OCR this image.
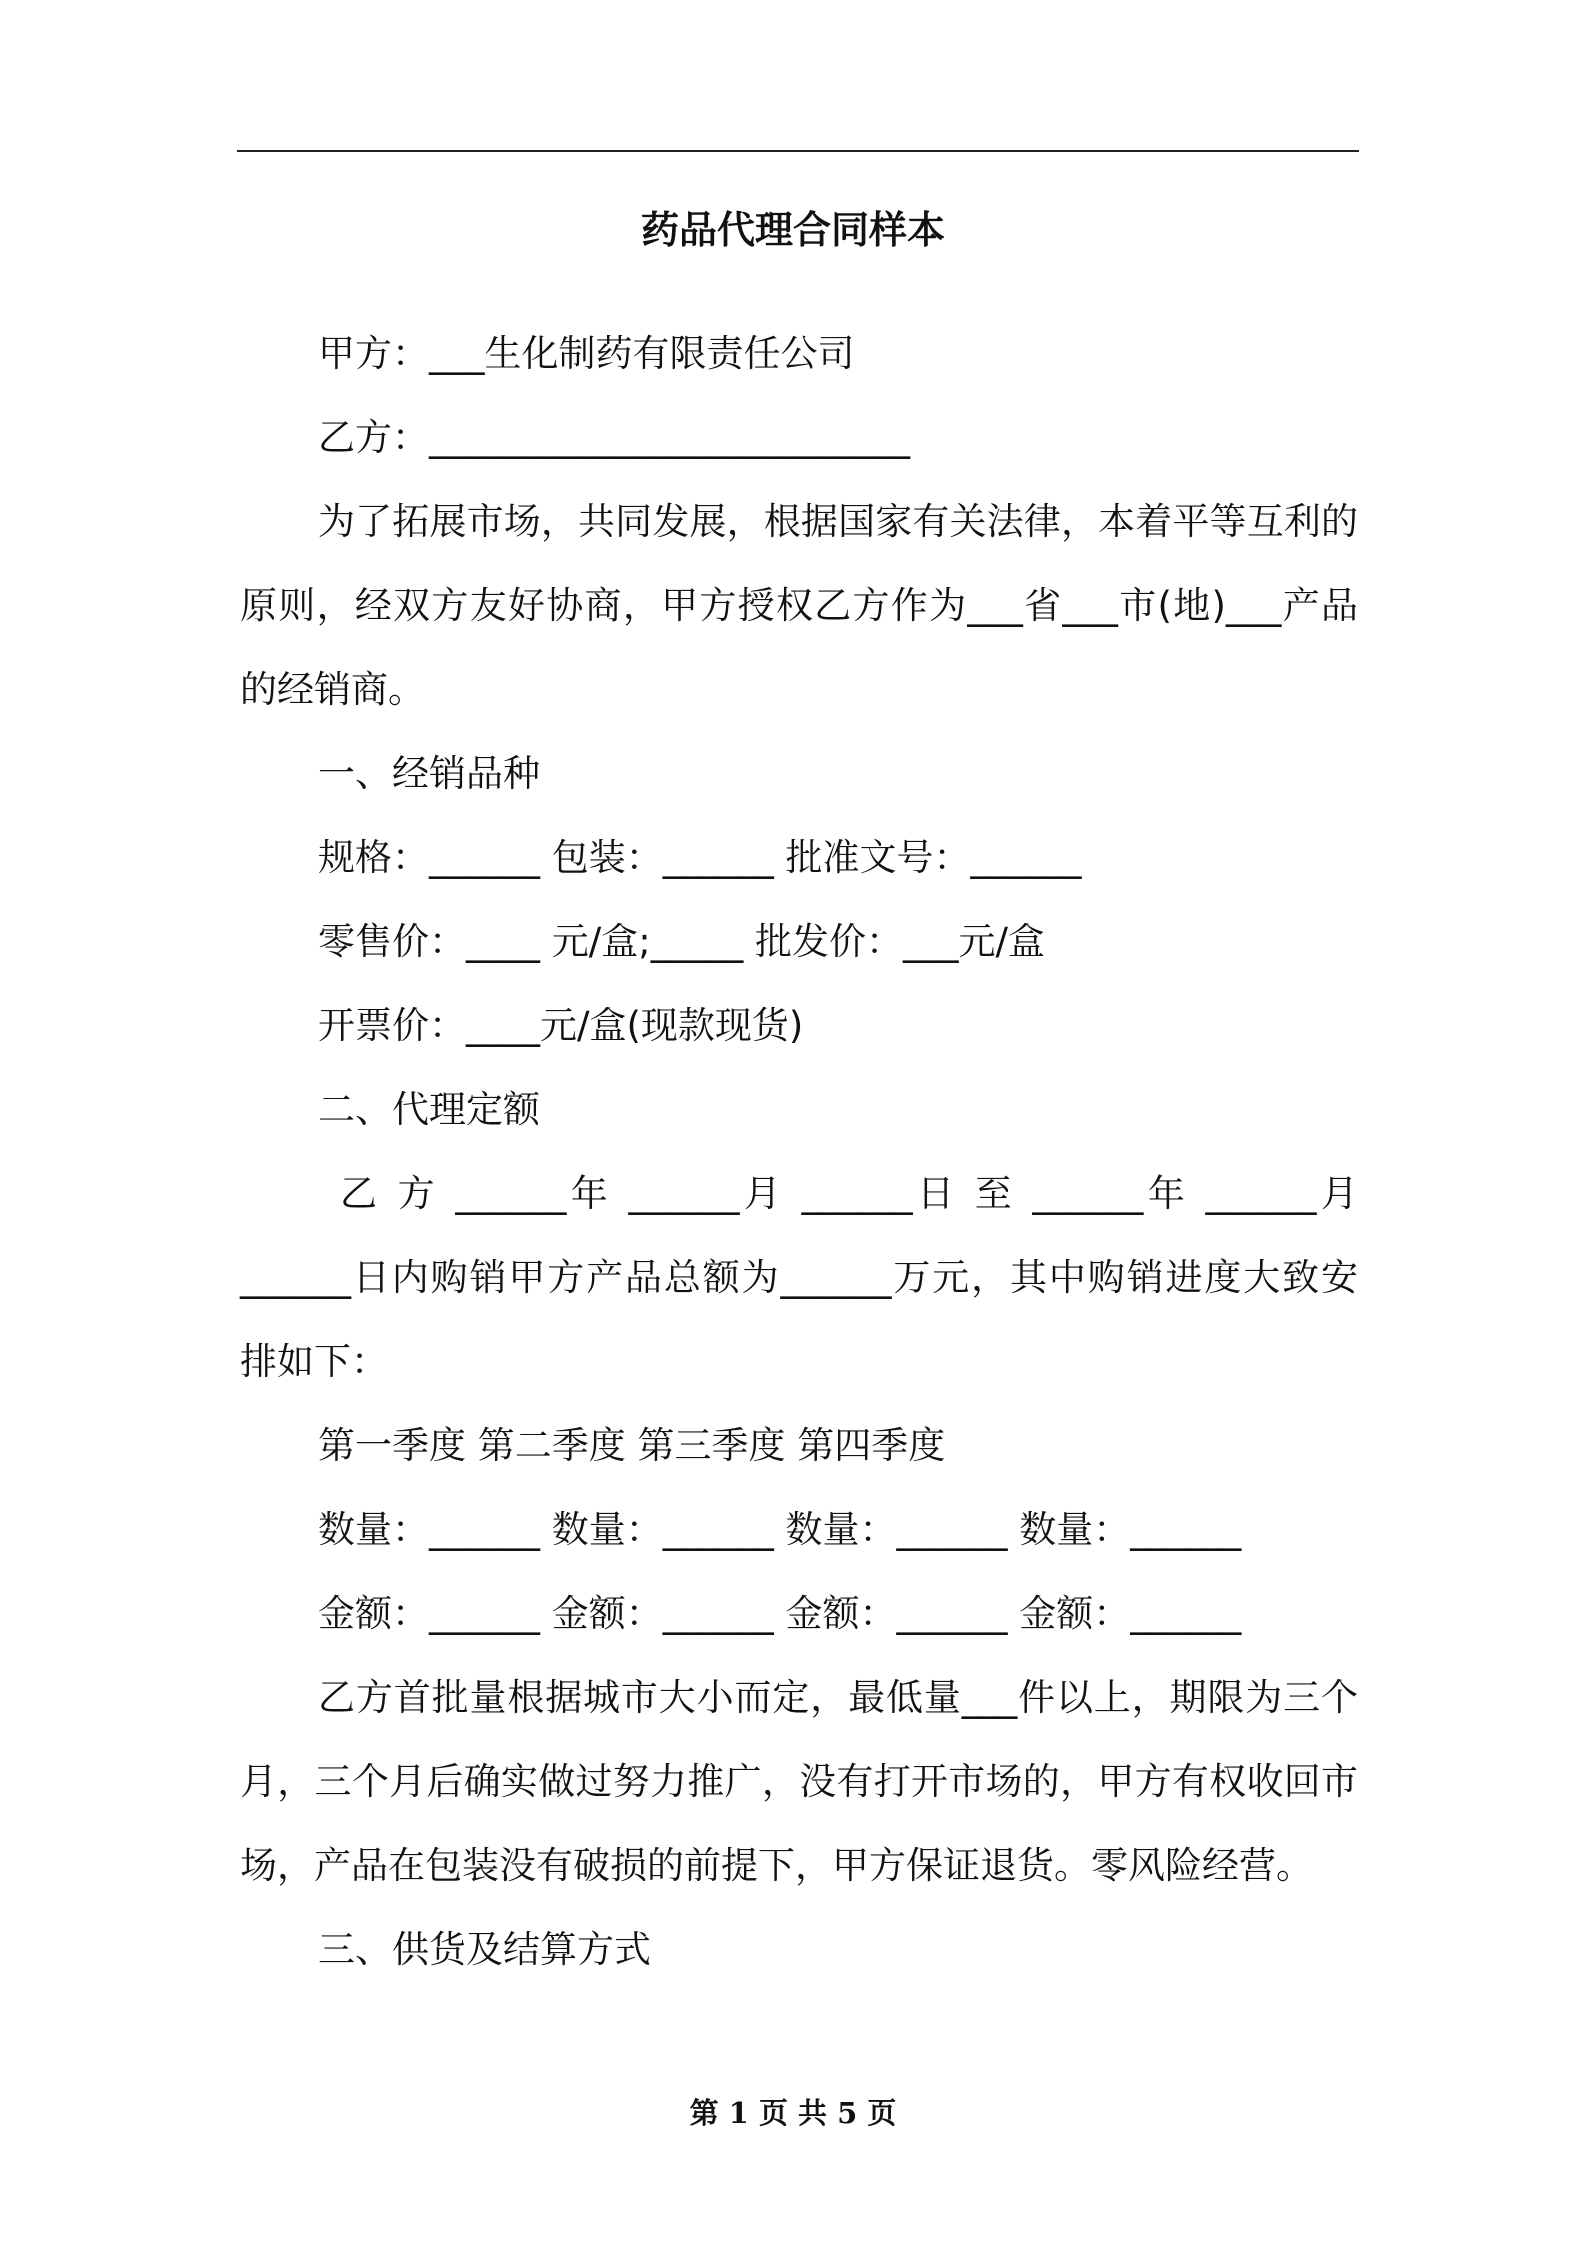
药品代理合同样本

甲方：___生化制药有限责任公司

乙方：__________________________

为了拓展市场，共同发展，根据国家有关法律，本着平等互利的

原则，经双方友好协商，甲方授权乙方作为___省___市(地)___产品

的经销商。

一、经销品种

规格：______ 包装：______ 批准文号：______

零售价：____ 元/盒;_____ 批发价：___元/盒

开票价：____元/盒(现款现货)

二、代理定额

乙 方 ______年 ______月 ______日 至 ______年 ______月

______日内购销甲方产品总额为______万元，其中购销进度大致安

排如下：

第一季度 第二季度 第三季度 第四季度

数量：______ 数量：______ 数量：______ 数量：______

金额：______ 金额：______ 金额：______ 金额：______

乙方首批量根据城市大小而定，最低量___件以上，期限为三个

月，三个月后确实做过努力推广，没有打开市场的，甲方有权收回市

场，产品在包装没有破损的前提下，甲方保证退货。零风险经营。

三、供货及结算方式

第 1 页 共 5 页
